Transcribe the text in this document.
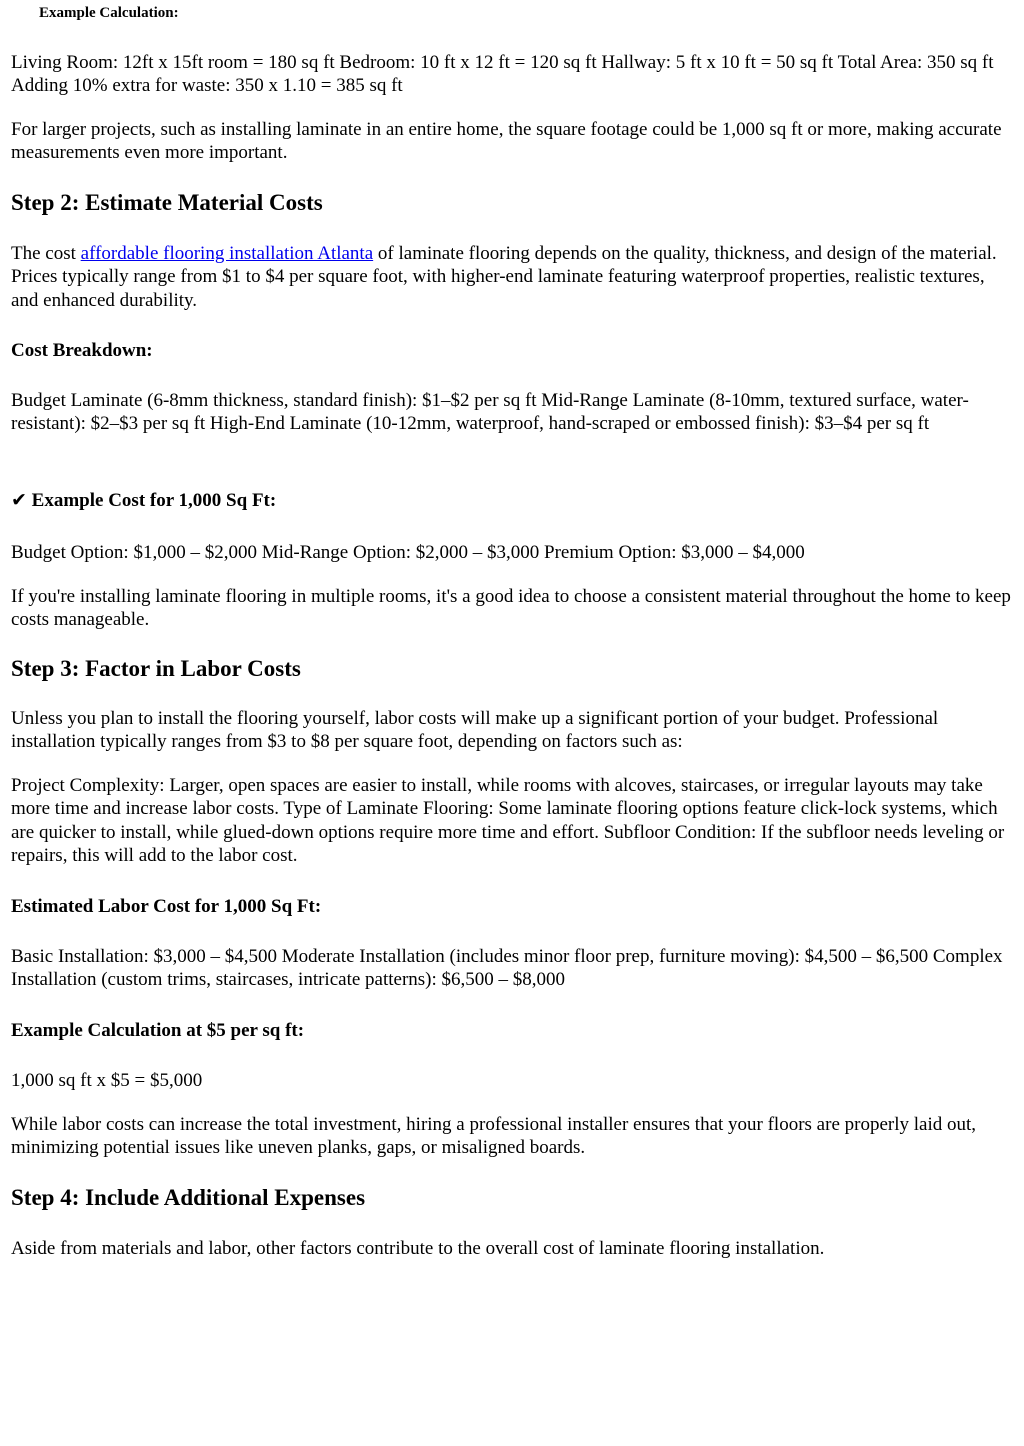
Example Calculation:

Living Room: 12ft x 15ft room = 180 sq ft Bedroom: 10 ft x 12 ft = 120 sq ft Hallway: 5 ft x 10 ft = 50 sq ft Total Area: 350 sq ft Adding 10% extra for waste: 350 x 1.10 = 385 sq ft

For larger projects, such as installing laminate in an entire home, the square footage could be 1,000 sq ft or more, making accurate measurements even more important.

Step 2: Estimate Material Costs

The cost affordable flooring installation Atlanta of laminate flooring depends on the quality, thickness, and design of the material. Prices typically range from $1 to $4 per square foot, with higher-end laminate featuring waterproof properties, realistic textures, and enhanced durability.

Cost Breakdown:

Budget Laminate (6-8mm thickness, standard finish): $1–$2 per sq ft Mid-Range Laminate (8-10mm, textured surface, water-resistant): $2–$3 per sq ft High-End Laminate (10-12mm, waterproof, hand-scraped or embossed finish): $3–$4 per sq ft

✔ Example Cost for 1,000 Sq Ft:

Budget Option: $1,000 – $2,000 Mid-Range Option: $2,000 – $3,000 Premium Option: $3,000 – $4,000

If you're installing laminate flooring in multiple rooms, it's a good idea to choose a consistent material throughout the home to keep costs manageable.

Step 3: Factor in Labor Costs

Unless you plan to install the flooring yourself, labor costs will make up a significant portion of your budget. Professional installation typically ranges from $3 to $8 per square foot, depending on factors such as:

Project Complexity: Larger, open spaces are easier to install, while rooms with alcoves, staircases, or irregular layouts may take more time and increase labor costs. Type of Laminate Flooring: Some laminate flooring options feature click-lock systems, which are quicker to install, while glued-down options require more time and effort. Subfloor Condition: If the subfloor needs leveling or repairs, this will add to the labor cost.

Estimated Labor Cost for 1,000 Sq Ft:

Basic Installation: $3,000 – $4,500 Moderate Installation (includes minor floor prep, furniture moving): $4,500 – $6,500 Complex Installation (custom trims, staircases, intricate patterns): $6,500 – $8,000

Example Calculation at $5 per sq ft:

1,000 sq ft x $5 = $5,000

While labor costs can increase the total investment, hiring a professional installer ensures that your floors are properly laid out, minimizing potential issues like uneven planks, gaps, or misaligned boards.

Step 4: Include Additional Expenses

Aside from materials and labor, other factors contribute to the overall cost of laminate flooring installation.
